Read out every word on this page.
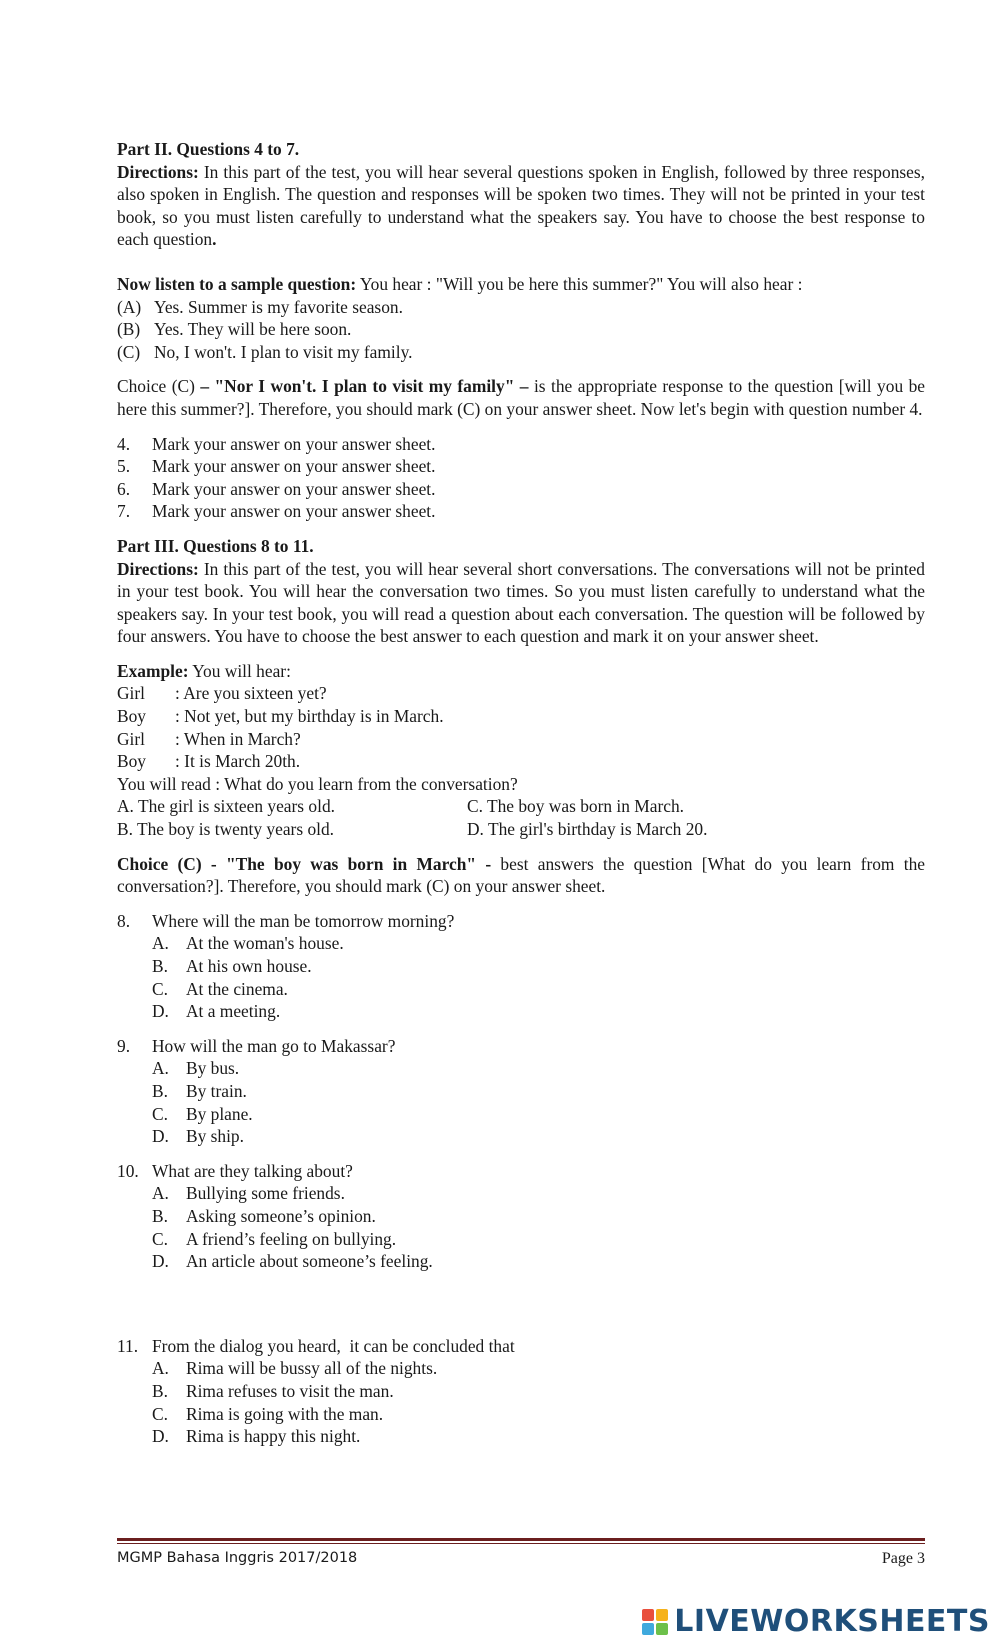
Part II. Questions 4 to 7.

Directions: In this part of the test, you will hear several questions spoken in English, followed by three responses, also spoken in English. The question and responses will be spoken two times. They will not be printed in your test book, so you must listen carefully to understand what the speakers say. You have to choose the best response to each question.

Now listen to a sample question: You hear : "Will you be here this summer?" You will also hear :

(A) Yes. Summer is my favorite season.
(B) Yes. They will be here soon.
(C) No, I won't. I plan to visit my family.

Choice (C) – "Nor I won't. I plan to visit my family" – is the appropriate response to the question [will you be here this summer?]. Therefore, you should mark (C) on your answer sheet. Now let's begin with question number 4.

4.	Mark your answer on your answer sheet.
5.	Mark your answer on your answer sheet.
6.	Mark your answer on your answer sheet.
7.	Mark your answer on your answer sheet.

Part III. Questions 8 to 11.

Directions: In this part of the test, you will hear several short conversations. The conversations will not be printed in your test book. You will hear the conversation two times. So you must listen carefully to understand what the speakers say. In your test book, you will read a question about each conversation. The question will be followed by four answers. You have to choose the best answer to each question and mark it on your answer sheet.

Example: You will hear:

Girl	: Are you sixteen yet?
Boy	: Not yet, but my birthday is in March.
Girl	: When in March?
Boy	: It is March 20th.

You will read : What do you learn from the conversation?

A. The girl is sixteen years old.	C. The boy was born in March.
B. The boy is twenty years old.	D. The girl's birthday is March 20.

Choice (C) - "The boy was born in March" - best answers the question [What do you learn from the conversation?]. Therefore, you should mark (C) on your answer sheet.

8.	Where will the man be tomorrow morning?
A. At the woman's house.
B.	At his own house.
C.	At the cinema.
D. At a meeting.
9.	How will the man go to Makassar?
A. By bus.
B.	By train.
C.	By plane.
D. By ship.
10. What are they talking about?
A. Bullying some friends.
B.	Asking someone’s opinion.
C.	A friend’s feeling on bullying.
D. An article about someone’s feeling.
11. From the dialog you heard,  it can be concluded that
A. Rima will be bussy all of the nights.
B.	Rima refuses to visit the man.
C.	Rima is going with the man.
D. Rima is happy this night.
MGMP Bahasa Inggris 2017/2018	Page 3
LIVEWORKSHEETS
